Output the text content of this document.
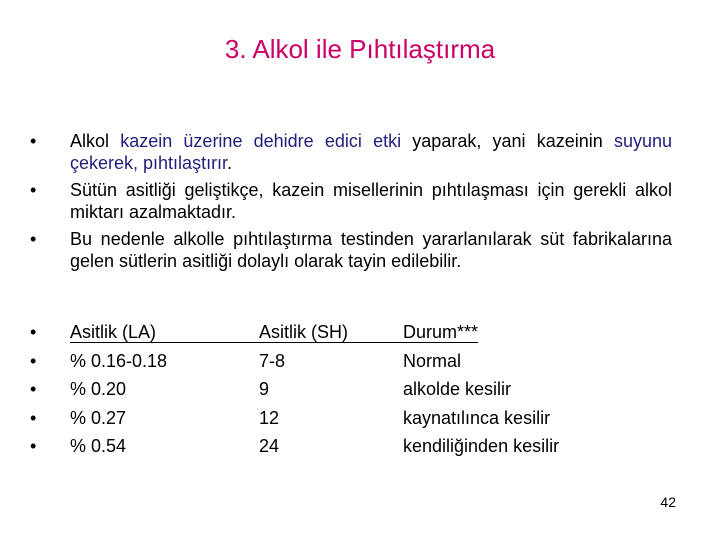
3. Alkol ile Pıhtılaştırma
• Alkol kazein üzerine dehidre edici etki yaparak, yani kazeinin suyunu çekerek, pıhtılaştırır.
• Sütün asitliği geliştikçe, kazein misellerinin pıhtılaşması için gerekli alkol miktarı azalmaktadır.
• Bu nedenle alkolle pıhtılaştırma testinden yararlanılarak süt fabrikalarına gelen sütlerin asitliği dolaylı olarak tayin edilebilir.
• Asitlik (LA)	Asitlik (SH)	Durum***
• % 0.16-0.18	7-8	Normal
• % 0.20	9	alkolde kesilir
• % 0.27	12	kaynatılınca kesilir
• % 0.54	24	kendiliğinden kesilir
42
